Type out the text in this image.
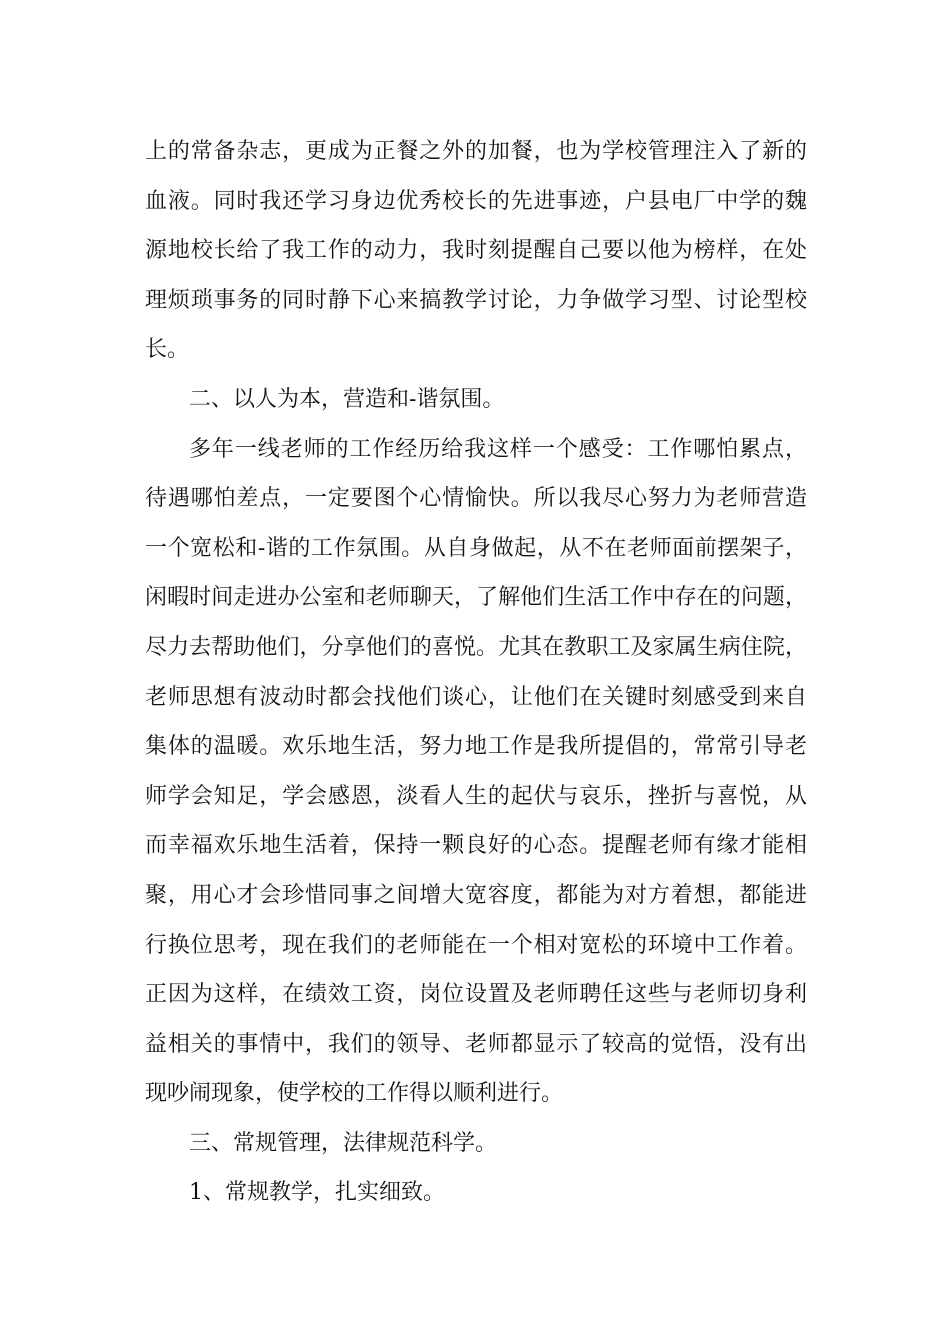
上的常备杂志，更成为正餐之外的加餐，也为学校管理注入了新的
血液。同时我还学习身边优秀校长的先进事迹，户县电厂中学的魏
源地校长给了我工作的动力，我时刻提醒自己要以他为榜样，在处
理烦琐事务的同时静下心来搞教学讨论，力争做学习型、讨论型校
长。
二、以人为本，营造和-谐氛围。
多年一线老师的工作经历给我这样一个感受：工作哪怕累点，
待遇哪怕差点，一定要图个心情愉快。所以我尽心努力为老师营造
一个宽松和-谐的工作氛围。从自身做起，从不在老师面前摆架子，
闲暇时间走进办公室和老师聊天，了解他们生活工作中存在的问题，
尽力去帮助他们，分享他们的喜悦。尤其在教职工及家属生病住院，
老师思想有波动时都会找他们谈心，让他们在关键时刻感受到来自
集体的温暖。欢乐地生活，努力地工作是我所提倡的，常常引导老
师学会知足，学会感恩，淡看人生的起伏与哀乐，挫折与喜悦，从
而幸福欢乐地生活着，保持一颗良好的心态。提醒老师有缘才能相
聚，用心才会珍惜同事之间增大宽容度，都能为对方着想，都能进
行换位思考，现在我们的老师能在一个相对宽松的环境中工作着。
正因为这样，在绩效工资，岗位设置及老师聘任这些与老师切身利
益相关的事情中，我们的领导、老师都显示了较高的觉悟，没有出
现吵闹现象，使学校的工作得以顺利进行。
三、常规管理，法律规范科学。
1、常规教学，扎实细致。
